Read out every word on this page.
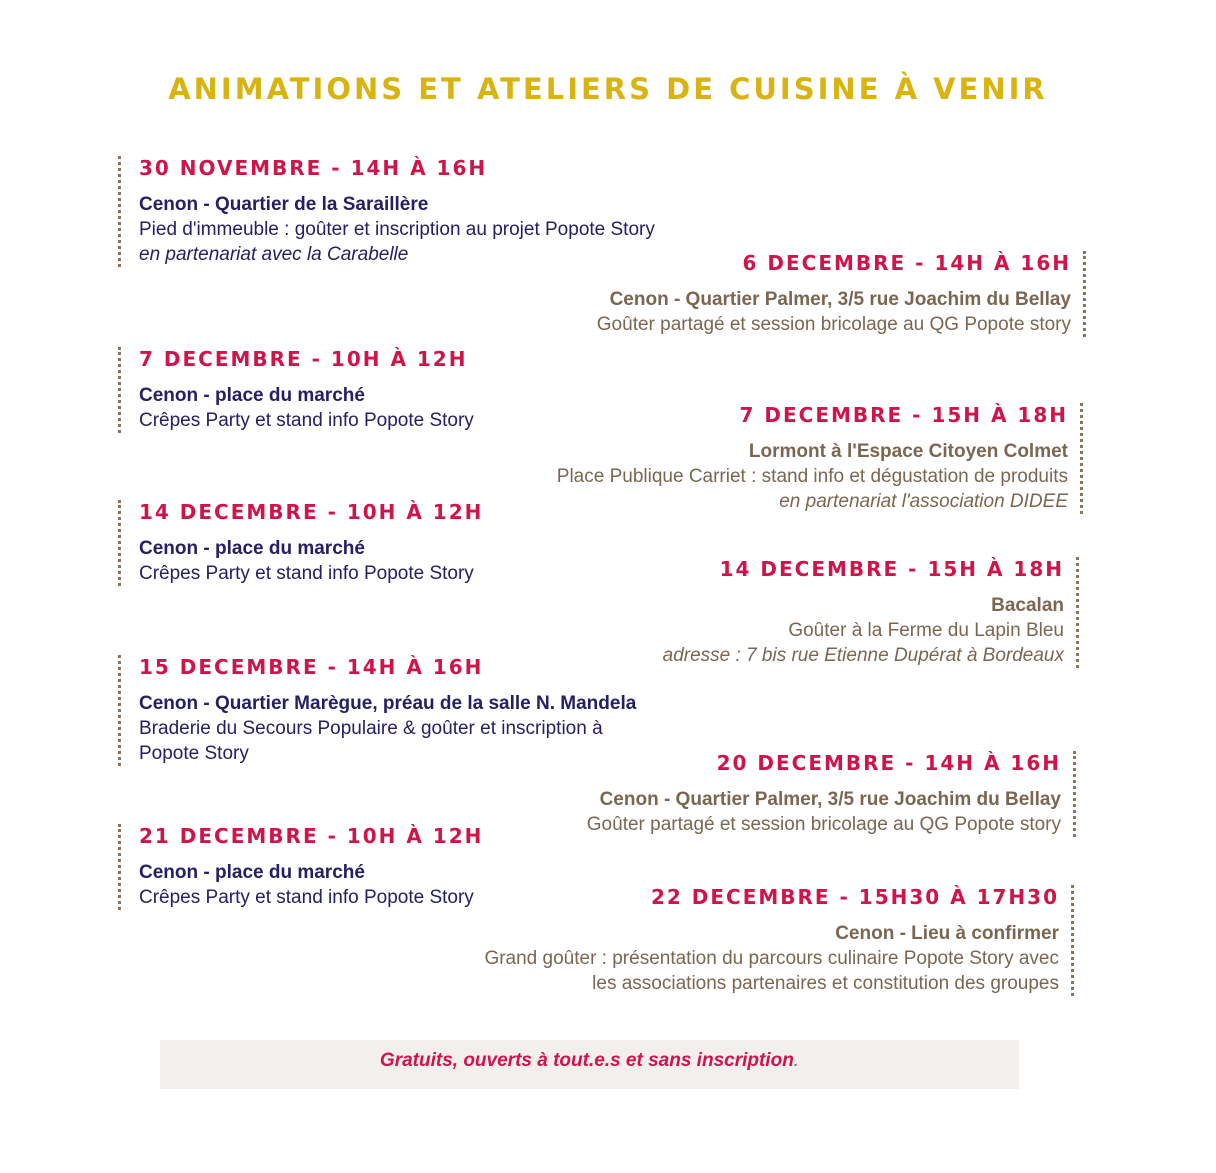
ANIMATIONS ET ATELIERS DE CUISINE À VENIR
30 NOVEMBRE - 14H À 16H
Cenon - Quartier de la Saraillère
Pied d'immeuble : goûter et inscription au projet Popote Story
en partenariat avec la Carabelle	6 DECEMBRE - 14H À 16H
Cenon - Quartier Palmer, 3/5 rue Joachim du Bellay
Goûter partagé et session bricolage au QG Popote story
7 DECEMBRE - 10H À 12H
Cenon - place du marché
Crêpes Party et stand info Popote Story	7 DECEMBRE - 15H À 18H
Lormont à l'Espace Citoyen Colmet
Place Publique Carriet : stand info et dégustation de produits
en partenariat l'association DIDEE
14 DECEMBRE - 10H À 12H
Cenon - place du marché
Crêpes Party et stand info Popote Story	14 DECEMBRE - 15H À 18H
Bacalan
Goûter à la Ferme du Lapin Bleu
adresse : 7 bis rue Etienne Dupérat à Bordeaux
15 DECEMBRE - 14H À 16H
Cenon - Quartier Marègue, préau de la salle N. Mandela
Braderie du Secours Populaire & goûter et inscription à
Popote Story	20 DECEMBRE - 14H À 16H
Cenon - Quartier Palmer, 3/5 rue Joachim du Bellay
Goûter partagé et session bricolage au QG Popote story
21 DECEMBRE - 10H À 12H
Cenon - place du marché
Crêpes Party et stand info Popote Story	22 DECEMBRE - 15H30 À 17H30
Cenon - Lieu à confirmer
Grand goûter : présentation du parcours culinaire Popote Story avec
les associations partenaires et constitution des groupes
Gratuits, ouverts à tout.e.s et sans inscription.
